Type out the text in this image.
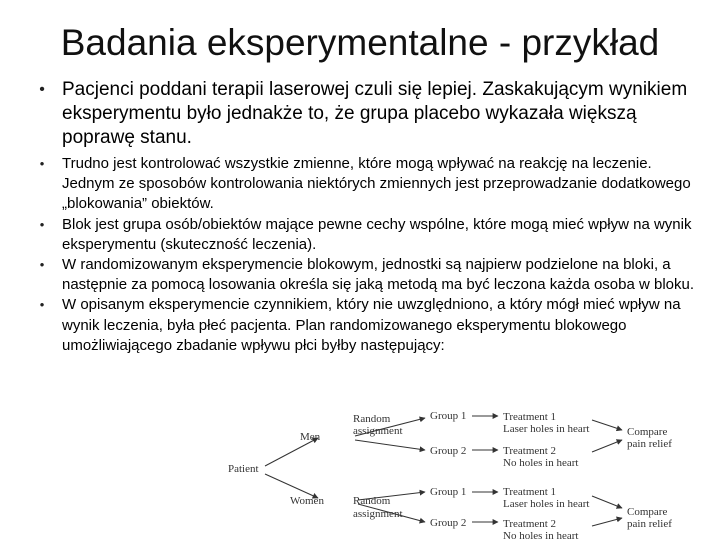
Badania eksperymentalne - przykład
• Pacjenci poddani terapii laserowej czuli się lepiej. Zaskakującym wynikiem eksperymentu było jednakże to, że grupa placebo wykazała większą poprawę stanu.
•	Trudno jest kontrolować wszystkie zmienne, które mogą wpływać na reakcję na leczenie. Jednym ze sposobów kontrolowania niektórych zmiennych jest przeprowadzanie dodatkowego „blokowania” obiektów.
•	Blok jest grupa osób/obiektów mające pewne cechy wspólne, które mogą mieć wpływ na wynik eksperymentu (skuteczność leczenia).
•	W randomizowanym eksperymencie blokowym, jednostki są najpierw podzielone na bloki, a następnie za pomocą losowania określa się jaką metodą ma być leczona każda osoba w bloku.
•	W opisanym eksperymencie czynnikiem, który nie uwzględniono, a który mógł mieć wpływ na wynik leczenia, była płeć pacjenta. Plan randomizowanego eksperymentu blokowego umożliwiającego zbadanie wpływu płci byłby następujący:
Patient
Men
Random
assignment
Group 1
Group 2
Treatment 1
Laser holes in heart
Treatment 2
No holes in heart
Compare
pain relief
Women	Random
assignment
Group 1
Group 2
Treatment 1
Laser holes in heart
Treatment 2
No holes in heart
Compare
pain relief
